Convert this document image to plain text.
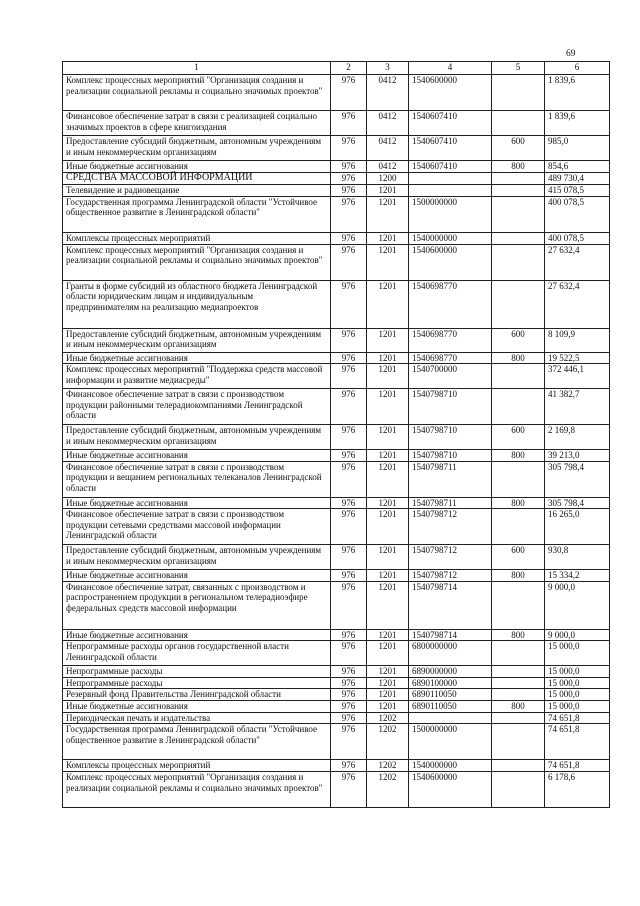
69
1	2	3	4	5	6
Комплекс процессных мероприятий "Организация создания и реализации социальной рекламы и социально значимых проектов"	976	0412	1540600000		1 839,6
Финансовое обеспечение затрат в связи с реализацией социально значимых проектов в сфере книгоиздания	976	0412	1540607410		1 839,6
Предоставление субсидий бюджетным, автономным учреждениям и иным некоммерческим организациям	976	0412	1540607410	600	985,0
Иные бюджетные ассигнования	976	0412	1540607410	800	854,6
СРЕДСТВА МАССОВОЙ ИНФОРМАЦИИ	976	1200			489 730,4
Телевидение и радиовещание	976	1201			415 078,5
Государственная программа Ленинградской области "Устойчивое общественное развитие в Ленинградской области"	976	1201	1500000000		400 078,5
Комплексы процессных мероприятий	976	1201	1540000000		400 078,5
Комплекс процессных мероприятий "Организация создания и реализации социальной рекламы и социально значимых проектов"	976	1201	1540600000		27 632,4
Гранты в форме субсидий из областного бюджета Ленинградской области юридическим лицам и индивидуальным предпринимателям на реализацию медиапроектов	976	1201	1540698770		27 632,4
Предоставление субсидий бюджетным, автономным учреждениям и иным некоммерческим организациям	976	1201	1540698770	600	8 109,9
Иные бюджетные ассигнования	976	1201	1540698770	800	19 522,5
Комплекс процессных мероприятий "Поддержка средств массовой информации и развитие медиасреды"	976	1201	1540700000		372 446,1
Финансовое обеспечение затрат в связи с производством продукции районными телерадиокомпаниями Ленинградской области	976	1201	1540798710		41 382,7
Предоставление субсидий бюджетным, автономным учреждениям и иным некоммерческим организациям	976	1201	1540798710	600	2 169,8
Иные бюджетные ассигнования	976	1201	1540798710	800	39 213,0
Финансовое обеспечение затрат в связи с производством продукции и вещанием региональных телеканалов Ленинградской области	976	1201	1540798711		305 798,4
Иные бюджетные ассигнования	976	1201	1540798711	800	305 798,4
Финансовое обеспечение затрат в связи с производством продукции сетевыми средствами массовой информации Ленинградской области	976	1201	1540798712		16 265,0
Предоставление субсидий бюджетным, автономным учреждениям и иным некоммерческим организациям	976	1201	1540798712	600	930,8
Иные бюджетные ассигнования	976	1201	1540798712	800	15 334,2
Финансовое обеспечение затрат, связанных с производством и распространением продукции в региональном телерадиоэфире федеральных средств массовой информации	976	1201	1540798714		9 000,0
Иные бюджетные ассигнования	976	1201	1540798714	800	9 000,0
Непрограммные расходы органов государственной власти Ленинградской области	976	1201	6800000000		15 000,0
Непрограммные расходы	976	1201	6890000000		15 000,0
Непрограммные расходы	976	1201	6890100000		15 000,0
Резервный фонд Правительства Ленинградской области	976	1201	6890110050		15 000,0
Иные бюджетные ассигнования	976	1201	6890110050	800	15 000,0
Периодическая печать и издательства	976	1202			74 651,8
Государственная программа Ленинградской области "Устойчивое общественное развитие в Ленинградской области"	976	1202	1500000000		74 651,8
Комплексы процессных мероприятий	976	1202	1540000000		74 651,8
Комплекс процессных мероприятий "Организация создания и реализации социальной рекламы и социально значимых проектов"	976	1202	1540600000		6 178,6
